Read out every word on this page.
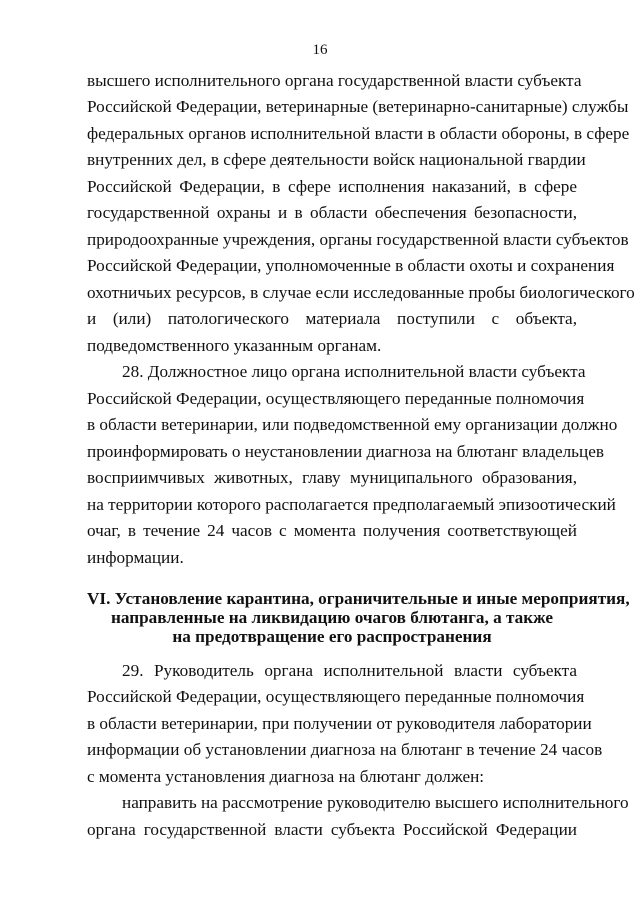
16
высшего исполнительного органа государственной власти субъекта
Российской Федерации, ветеринарные (ветеринарно-санитарные) службы
федеральных органов исполнительной власти в области обороны, в сфере
внутренних дел, в сфере деятельности войск национальной гвардии
Российской Федерации, в сфере исполнения наказаний, в сфере
государственной охраны и в области обеспечения безопасности,
природоохранные учреждения, органы государственной власти субъектов
Российской Федерации, уполномоченные в области охоты и сохранения
охотничьих ресурсов, в случае если исследованные пробы биологического
и (или) патологического материала поступили с объекта,
подведомственного указанным органам.
28. Должностное лицо органа исполнительной власти субъекта
Российской Федерации, осуществляющего переданные полномочия
в области ветеринарии, или подведомственной ему организации должно
проинформировать о неустановлении диагноза на блютанг владельцев
восприимчивых животных, главу муниципального образования,
на территории которого располагается предполагаемый эпизоотический
очаг, в течение 24 часов с момента получения соответствующей
информации.
VI. Установление карантина, ограничительные и иные мероприятия,
направленные на ликвидацию очагов блютанга, а также
на предотвращение его распространения
29. Руководитель органа исполнительной власти субъекта
Российской Федерации, осуществляющего переданные полномочия
в области ветеринарии, при получении от руководителя лаборатории
информации об установлении диагноза на блютанг в течение 24 часов
с момента установления диагноза на блютанг должен:
направить на рассмотрение руководителю высшего исполнительного
органа государственной власти субъекта Российской Федерации
